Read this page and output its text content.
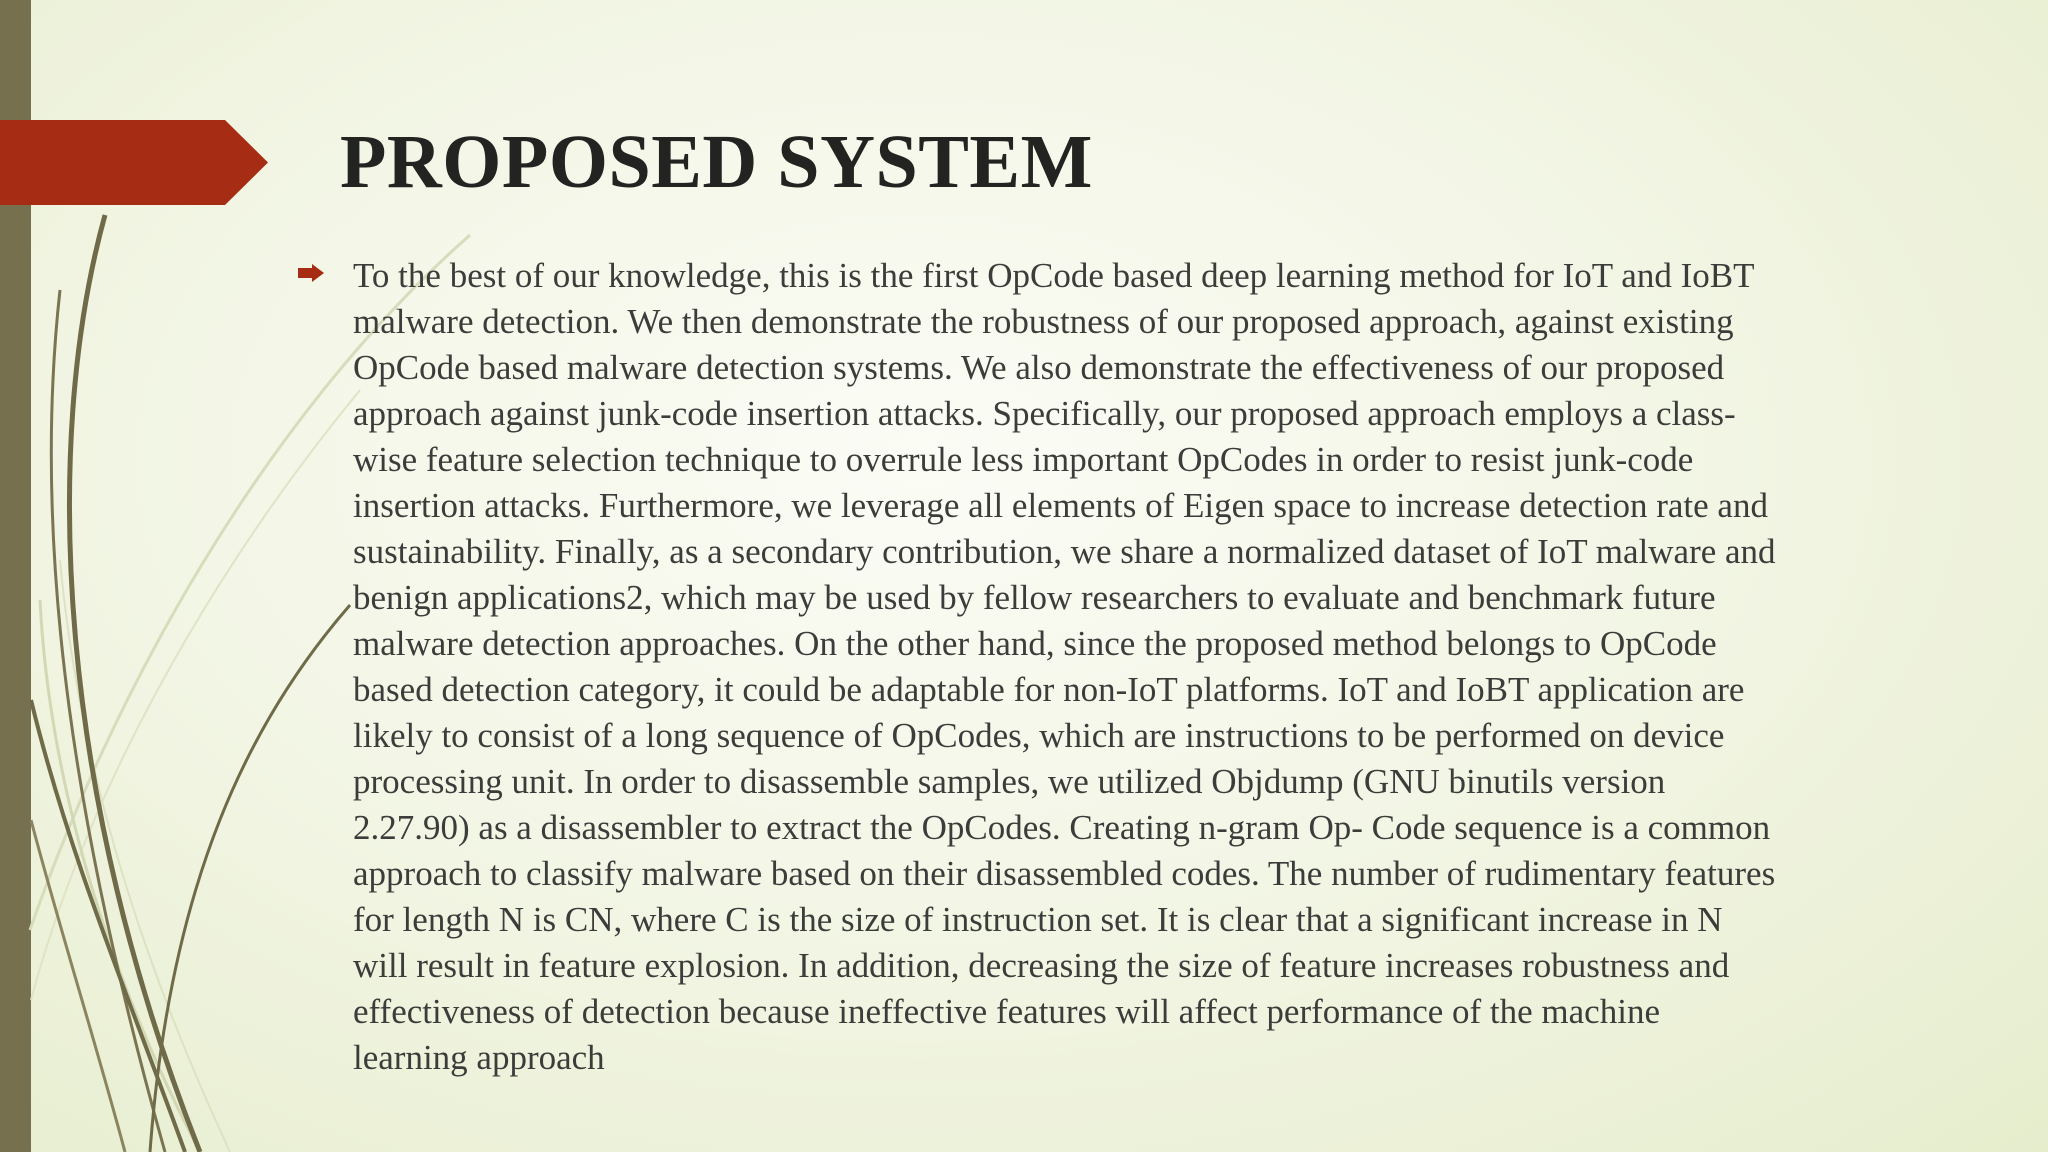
PROPOSED SYSTEM

To the best of our knowledge, this is the first OpCode based deep learning method for IoT and IoBT
malware detection. We then demonstrate the robustness of our proposed approach, against existing
OpCode based malware detection systems. We also demonstrate the effectiveness of our proposed
approach against junk-code insertion attacks. Specifically, our proposed approach employs a class-
wise feature selection technique to overrule less important OpCodes in order to resist junk-code
insertion attacks. Furthermore, we leverage all elements of Eigen space to increase detection rate and
sustainability. Finally, as a secondary contribution, we share a normalized dataset of IoT malware and
benign applications2, which may be used by fellow researchers to evaluate and benchmark future
malware detection approaches. On the other hand, since the proposed method belongs to OpCode
based detection category, it could be adaptable for non-IoT platforms. IoT and IoBT application are
likely to consist of a long sequence of OpCodes, which are instructions to be performed on device
processing unit. In order to disassemble samples, we utilized Objdump (GNU binutils version
2.27.90) as a disassembler to extract the OpCodes. Creating n-gram Op- Code sequence is a common
approach to classify malware based on their disassembled codes. The number of rudimentary features
for length N is CN, where C is the size of instruction set. It is clear that a significant increase in N
will result in feature explosion. In addition, decreasing the size of feature increases robustness and
effectiveness of detection because ineffective features will affect performance of the machine
learning approach
